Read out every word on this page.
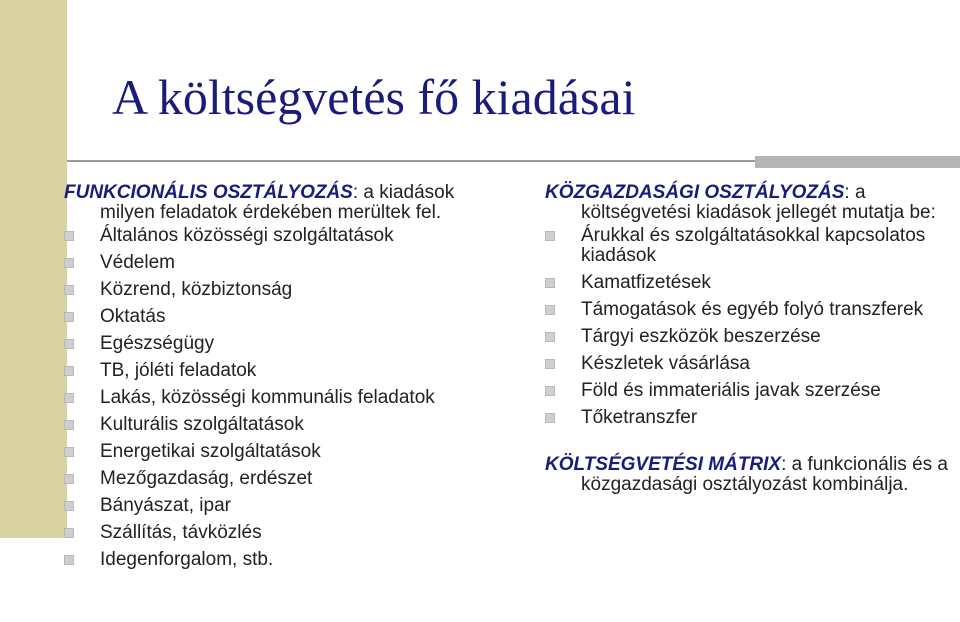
A költségvetés fő kiadásai
FUNKCIONÁLIS OSZTÁLYOZÁS: a kiadások milyen feladatok érdekében merültek fel.
Általános közösségi szolgáltatások
Védelem
Közrend, közbiztonság
Oktatás
Egészségügy
TB, jóléti feladatok
Lakás, közösségi kommunális feladatok
Kulturális szolgáltatások
Energetikai szolgáltatások
Mezőgazdaság, erdészet
Bányászat, ipar
Szállítás, távközlés
Idegenforgalom, stb.
KÖZGAZDASÁGI OSZTÁLYOZÁS: a költségvetési kiadások jellegét mutatja be:
Árukkal és szolgáltatásokkal kapcsolatos kiadások
Kamatfizetések
Támogatások és egyéb folyó transzferek
Tárgyi eszközök beszerzése
Készletek vásárlása
Föld és immateriális javak szerzése
Tőketranszfer
KÖLTSÉGVETÉSI MÁTRIX: a funkcionális és a közgazdasági osztályozást kombinálja.
